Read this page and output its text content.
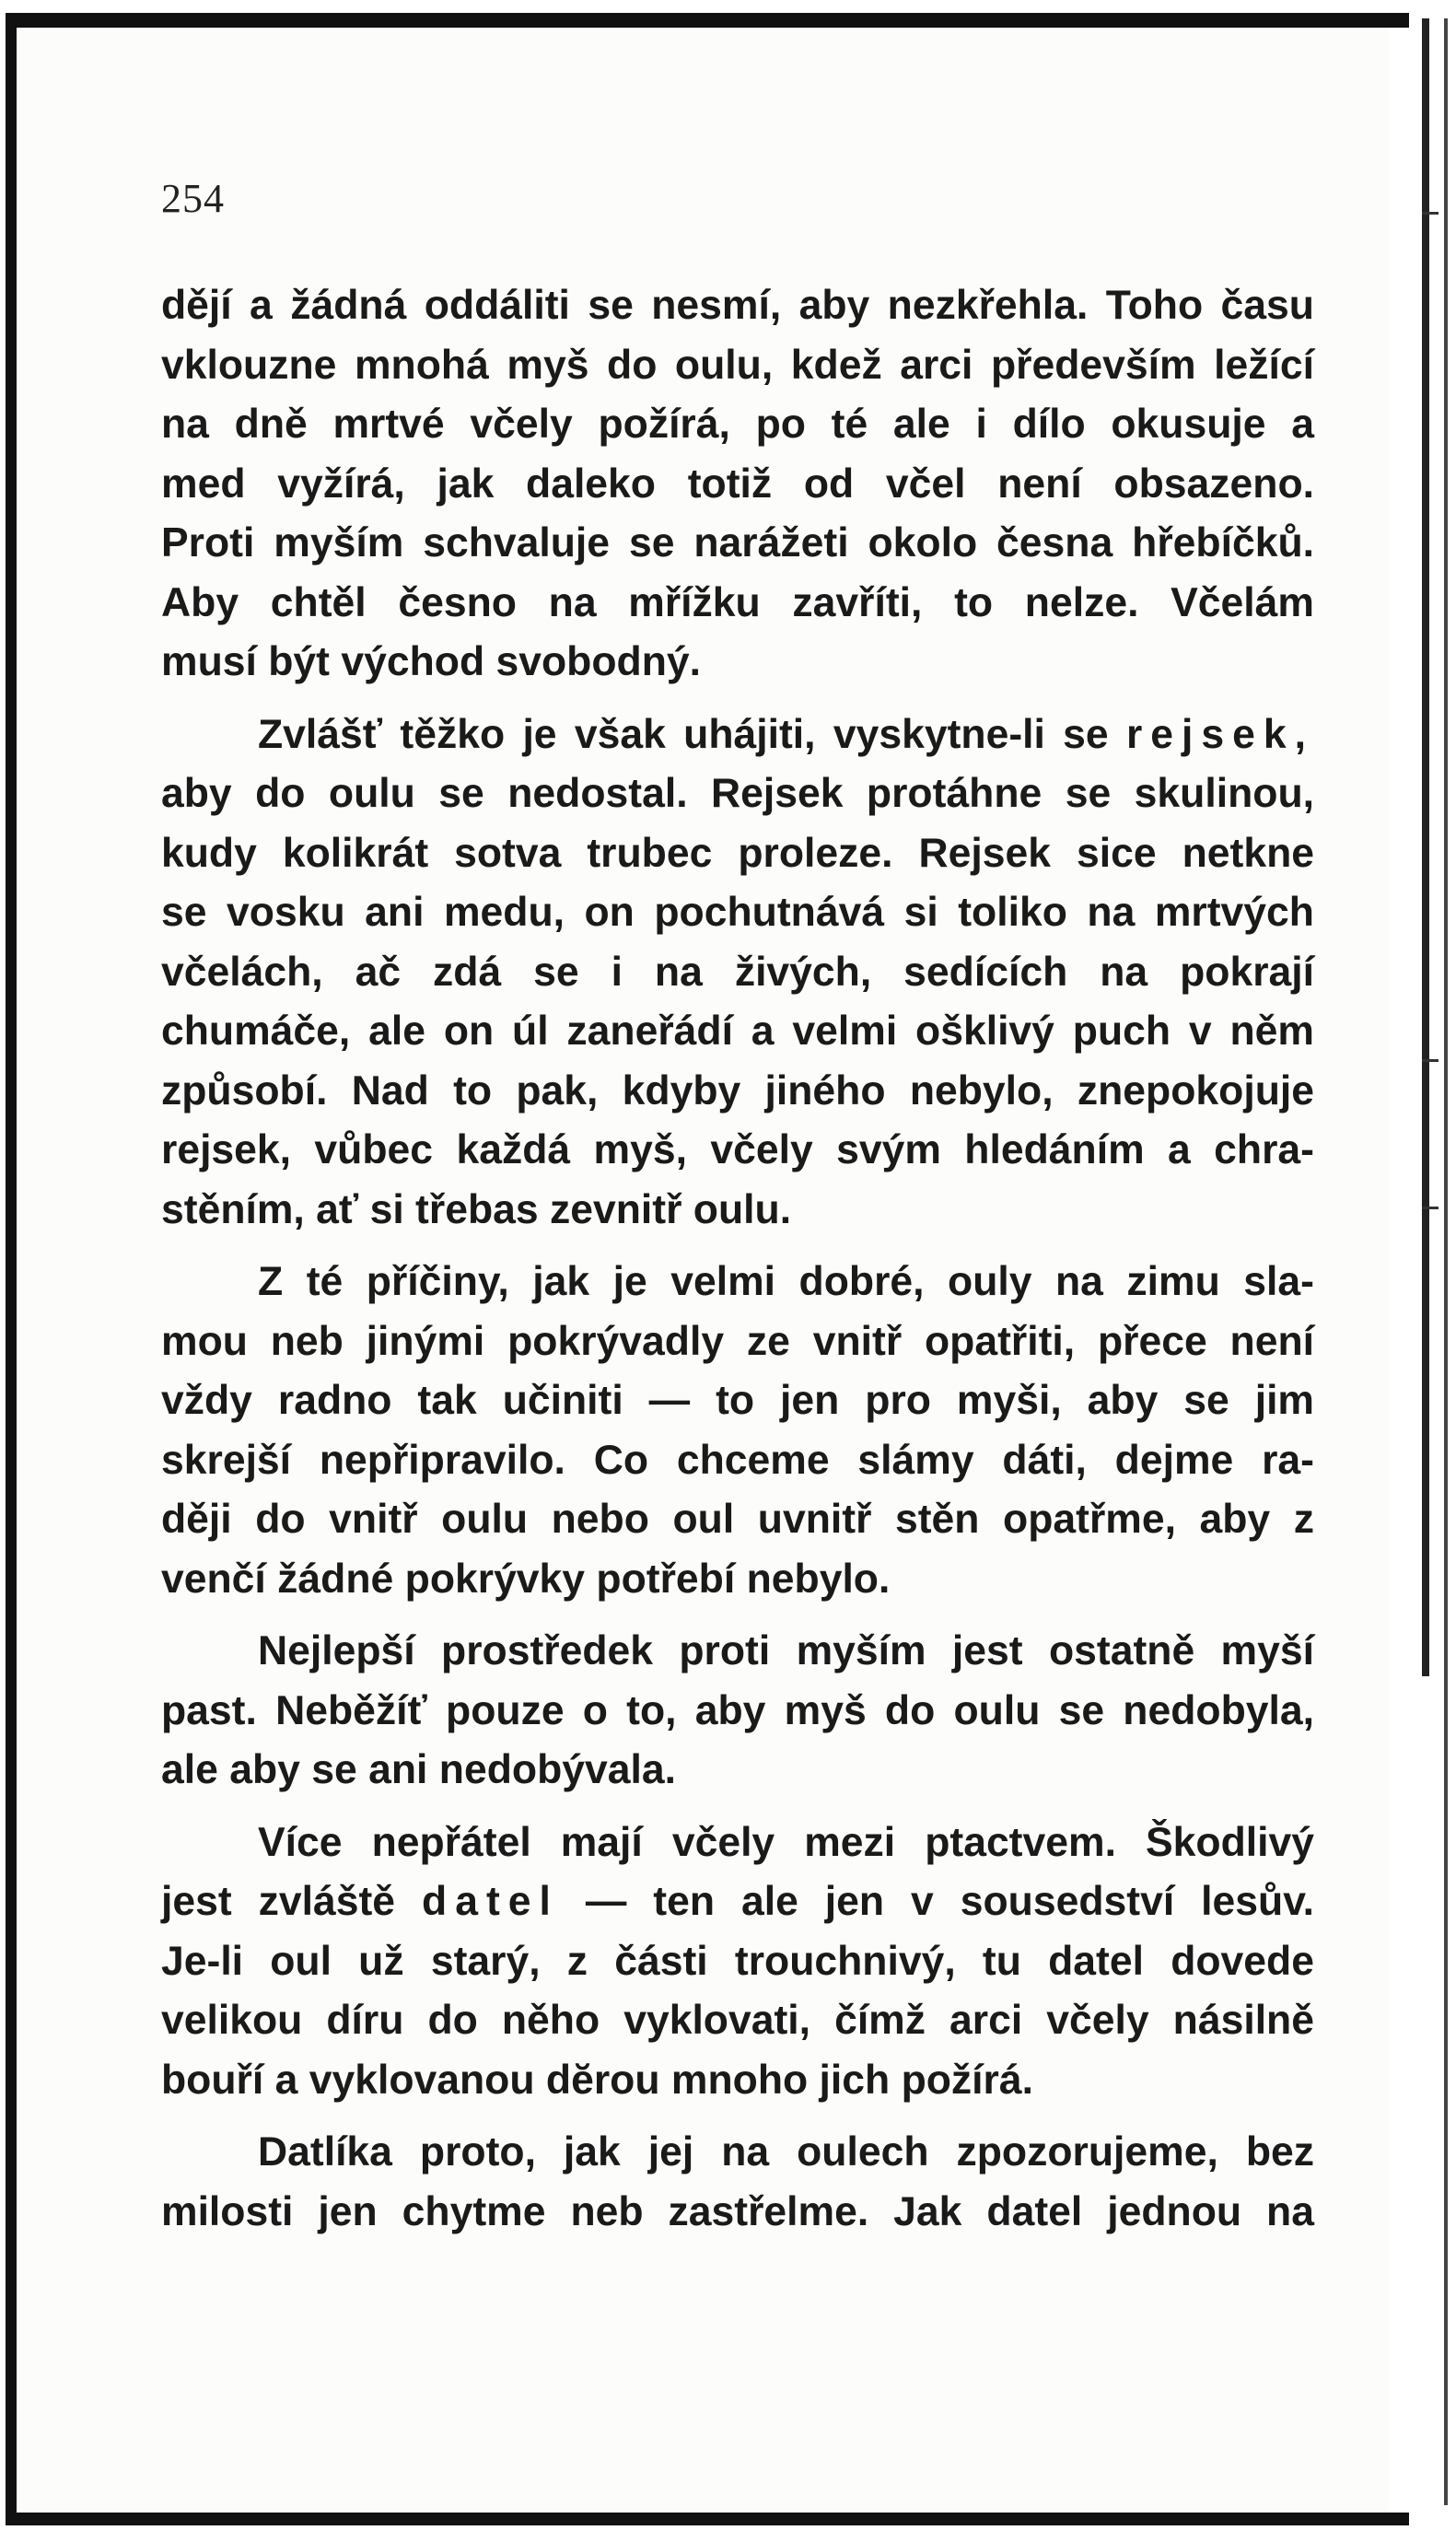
254

dějí a žádná oddáliti se nesmí, aby nezkřehla. Toho času
vklouzne mnohá myš do oulu, kdež arci především ležící
na dně mrtvé včely požírá, po té ale i dílo okusuje a
med vyžírá, jak daleko totiž od včel není obsazeno.
Proti myším schvaluje se narážeti okolo česna hřebíčků.
Aby chtěl česno na mřížku zavříti, to nelze. Včelám
musí být východ svobodný.

Zvlášť těžko je však uhájiti, vyskytne-li se rejsek,
aby do oulu se nedostal. Rejsek protáhne se skulinou,
kudy kolikrát sotva trubec proleze. Rejsek sice netkne
se vosku ani medu, on pochutnává si toliko na mrtvých
včelách, ač zdá se i na živých, sedících na pokrají
chumáče, ale on úl zaneřádí a velmi ošklivý puch v něm
způsobí. Nad to pak, kdyby jiného nebylo, znepokojuje
rejsek, vůbec každá myš, včely svým hledáním a chra-
stěním, ať si třebas zevnitř oulu.

Z té příčiny, jak je velmi dobré, ouly na zimu sla-
mou neb jinými pokrývadly ze vnitř opatřiti, přece není
vždy radno tak učiniti — to jen pro myši, aby se jim
skrejší nepřipravilo. Co chceme slámy dáti, dejme ra-
ději do vnitř oulu nebo oul uvnitř stěn opatřme, aby z
venčí žádné pokrývky potřebí nebylo.

Nejlepší prostředek proti myším jest ostatně myší
past. Neběžíť pouze o to, aby myš do oulu se nedobyla,
ale aby se ani nedobývala.

Více nepřátel mají včely mezi ptactvem. Škodlivý
jest zvláště datel — ten ale jen v sousedství lesův.
Je-li oul už starý, z části trouchnivý, tu datel dovede
velikou díru do něho vyklovati, čímž arci včely násilně
bouří a vyklovanou dĕrou mnoho jich požírá.

Datlíka proto, jak jej na oulech zpozorujeme, bez
milosti jen chytme neb zastřelme. Jak datel jednou na
